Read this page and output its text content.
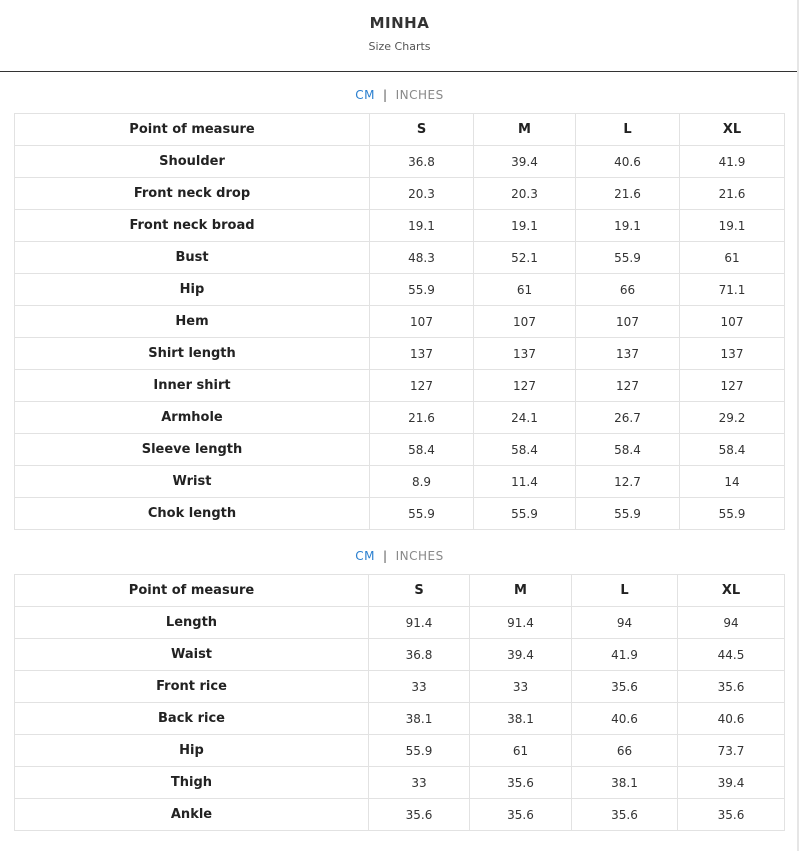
MINHA
Size Charts
CM | INCHES
Point of measure	S	M	L	XL
Shoulder	36.8	39.4	40.6	41.9
Front neck drop	20.3	20.3	21.6	21.6
Front neck broad	19.1	19.1	19.1	19.1
Bust	48.3	52.1	55.9	61
Hip	55.9	61	66	71.1
Hem	107	107	107	107
Shirt length	137	137	137	137
Inner shirt	127	127	127	127
Armhole	21.6	24.1	26.7	29.2
Sleeve length	58.4	58.4	58.4	58.4
Wrist	8.9	11.4	12.7	14
Chok length	55.9	55.9	55.9	55.9
CM | INCHES
Point of measure	S	M	L	XL
Length	91.4	91.4	94	94
Waist	36.8	39.4	41.9	44.5
Front rice	33	33	35.6	35.6
Back rice	38.1	38.1	40.6	40.6
Hip	55.9	61	66	73.7
Thigh	33	35.6	38.1	39.4
Ankle	35.6	35.6	35.6	35.6
